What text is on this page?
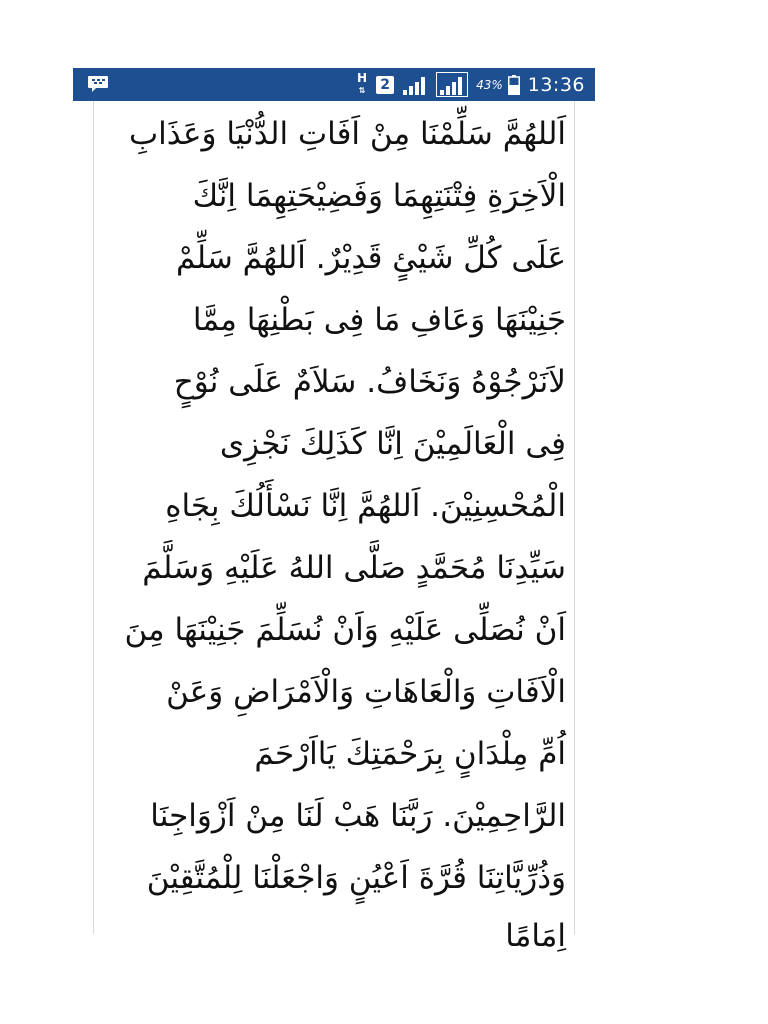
H
⇅ 2	43% 13:36
اَللهُمَّ سَلِّمْنَا مِنْ اَفَاتِ الدُّنْيَا وَعَذَابِ
الْاَخِرَةِ فِتْنَتِهِمَا وَفَضِيْحَتِهِمَا اِنَّكَ
عَلَى كُلِّ شَيْئٍ قَدِيْرٌ. اَللهُمَّ سَلِّمْ
جَنِيْنَهَا وَعَافِ مَا فِى بَطْنِهَا مِمَّا
لاَنَرْجُوْهُ وَنَخَافُ. سَلاَمٌ عَلَى نُوْحٍ
فِى الْعَالَمِيْنَ اِنَّا كَذَلِكَ نَجْزِى
الْمُحْسِنِيْنَ. اَللهُمَّ اِنَّا نَسْأَلُكَ بِجَاهِ
سَيِّدِنَا مُحَمَّدٍ صَلَّى اللهُ عَلَيْهِ وَسَلَّمَ
اَنْ نُصَلِّى عَلَيْهِ وَاَنْ نُسَلِّمَ جَنِيْنَهَا مِنَ
الْاَفَاتِ وَالْعَاهَاتِ وَالْاَمْرَاضِ وَعَنْ
اُمِّ مِلْدَانٍ بِرَحْمَتِكَ يَااَرْحَمَ
الرَّاحِمِيْنَ. رَبَّنَا هَبْ لَنَا مِنْ اَزْوَاجِنَا
وَذُرِّيَّاتِنَا قُرَّةَ اَعْيُنٍ وَاجْعَلْنَا لِلْمُتَّقِيْنَ
اِمَامًا
